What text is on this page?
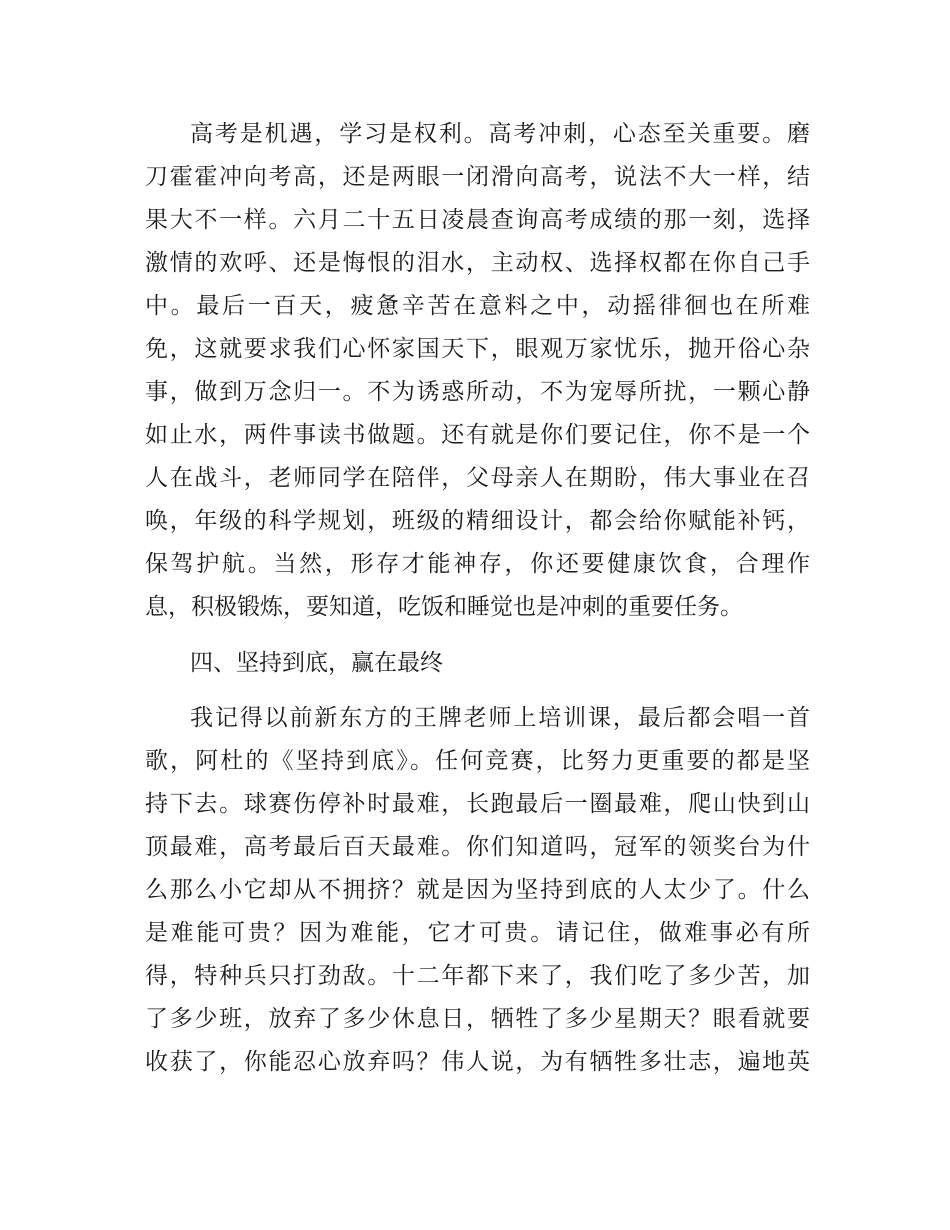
高考是机遇，学习是权利。高考冲刺，心态至关重要。磨
刀霍霍冲向考高，还是两眼一闭滑向高考，说法不大一样，结
果大不一样。六月二十五日凌晨查询高考成绩的那一刻，选择
激情的欢呼、还是悔恨的泪水，主动权、选择权都在你自己手
中。最后一百天，疲惫辛苦在意料之中，动摇徘徊也在所难
免，这就要求我们心怀家国天下，眼观万家忧乐，抛开俗心杂
事，做到万念归一。不为诱惑所动，不为宠辱所扰，一颗心静
如止水，两件事读书做题。还有就是你们要记住，你不是一个
人在战斗，老师同学在陪伴，父母亲人在期盼，伟大事业在召
唤，年级的科学规划，班级的精细设计，都会给你赋能补钙，
保驾护航。当然，形存才能神存，你还要健康饮食，合理作
息，积极锻炼，要知道，吃饭和睡觉也是冲刺的重要任务。
四、坚持到底，赢在最终
我记得以前新东方的王牌老师上培训课，最后都会唱一首
歌，阿杜的《坚持到底》。任何竞赛，比努力更重要的都是坚
持下去。球赛伤停补时最难，长跑最后一圈最难，爬山快到山
顶最难，高考最后百天最难。你们知道吗，冠军的领奖台为什
么那么小它却从不拥挤？就是因为坚持到底的人太少了。什么
是难能可贵？因为难能，它才可贵。请记住，做难事必有所
得，特种兵只打劲敌。十二年都下来了，我们吃了多少苦，加
了多少班，放弃了多少休息日，牺牲了多少星期天？眼看就要
收获了，你能忍心放弃吗？伟人说，为有牺牲多壮志，遍地英
